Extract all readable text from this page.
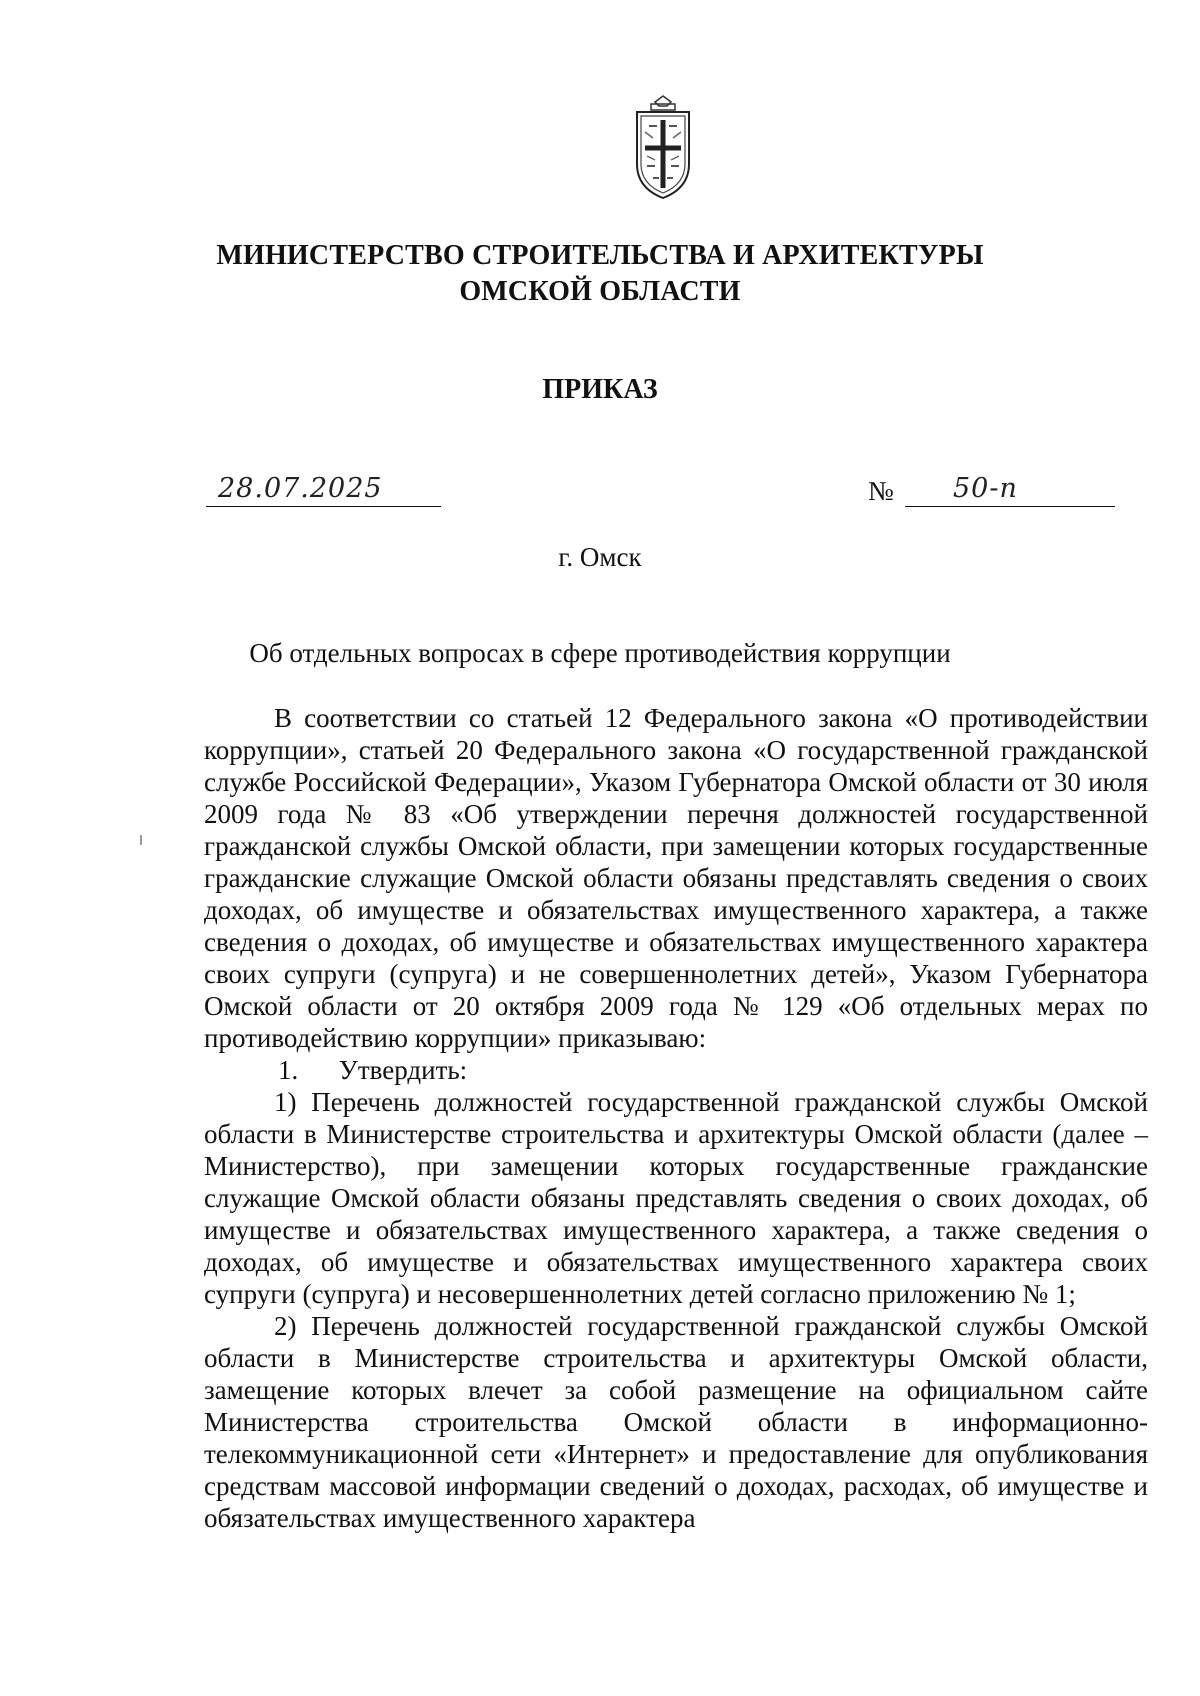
МИНИСТЕРСТВО СТРОИТЕЛЬСТВА И АРХИТЕКТУРЫ
ОМСКОЙ ОБЛАСТИ
ПРИКАЗ
28.07.2025	№ 50-п
г. Омск
Об отдельных вопросах в сфере противодействия коррупции

В соответствии со статьей 12 Федерального закона «О противодействии коррупции», статьей 20 Федерального закона «О государственной гражданской службе Российской Федерации», Указом Губернатора Омской области от 30 июля 2009 года № 83 «Об утверждении перечня должностей государственной гражданской службы Омской области, при замещении которых государственные гражданские служащие Омской области обязаны представлять сведения о своих доходах, об имуществе и обязательствах имущественного характера, а также сведения о доходах, об имуществе и обязательствах имущественного характера своих супруги (супруга) и не совершеннолетних детей», Указом Губернатора Омской области от 20 октября 2009 года № 129 «Об отдельных мерах по противодействию коррупции» приказываю:

1.      Утвердить:

1) Перечень должностей государственной гражданской службы Омской области в Министерстве строительства и архитектуры Омской области (далее – Министерство), при замещении которых государственные гражданские служащие Омской области обязаны представлять сведения о своих доходах, об имуществе и обязательствах имущественного характера, а также сведения о доходах, об имуществе и обязательствах имущественного характера своих супруги (супруга) и несовершеннолетних детей согласно приложению № 1;

2) Перечень должностей государственной гражданской службы Омской области в Министерстве строительства и архитектуры Омской области, замещение которых влечет за собой размещение на официальном сайте Министерства строительства Омской области в информационно-телекоммуникационной сети «Интернет» и предоставление для опубликования средствам массовой информации сведений о доходах, расходах, об имуществе и обязательствах имущественного характера
